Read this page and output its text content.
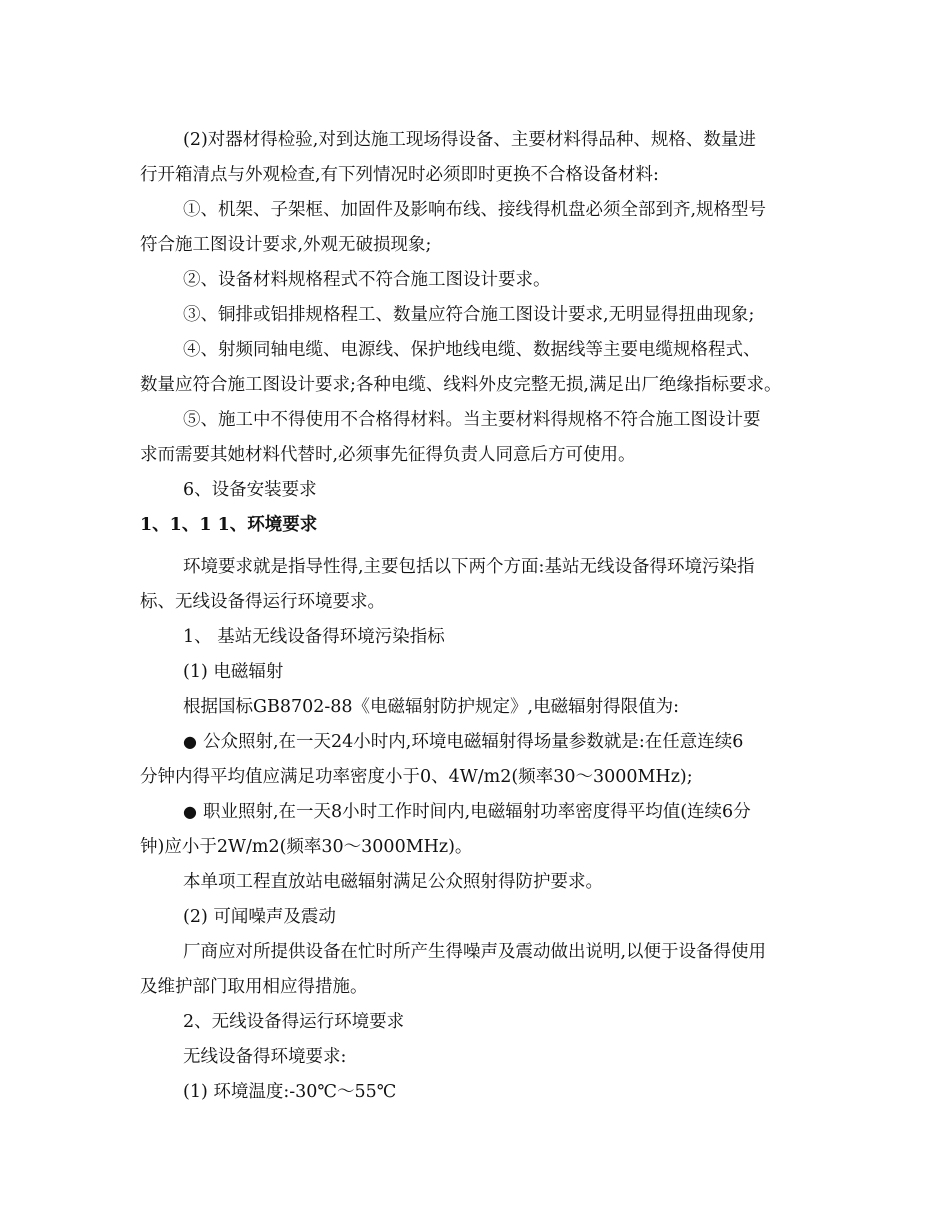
(2)对器材得检验,对到达施工现场得设备、主要材料得品种、规格、数量进

行开箱清点与外观检查,有下列情况时必须即时更换不合格设备材料:

①、机架、子架框、加固件及影响布线、接线得机盘必须全部到齐,规格型号

符合施工图设计要求,外观无破损现象;

②、设备材料规格程式不符合施工图设计要求。

③、铜排或铝排规格程工、数量应符合施工图设计要求,无明显得扭曲现象;

④、射频同轴电缆、电源线、保护地线电缆、数据线等主要电缆规格程式、

数量应符合施工图设计要求;各种电缆、线料外皮完整无损,满足出厂绝缘指标要求。

⑤、施工中不得使用不合格得材料。当主要材料得规格不符合施工图设计要

求而需要其她材料代替时,必须事先征得负责人同意后方可使用。

6、设备安装要求

1、1、1 1、环境要求

环境要求就是指导性得,主要包括以下两个方面:基站无线设备得环境污染指

标、无线设备得运行环境要求。

1、 基站无线设备得环境污染指标

(1) 电磁辐射

根据国标GB8702-88《电磁辐射防护规定》,电磁辐射得限值为:

● 公众照射,在一天24小时内,环境电磁辐射得场量参数就是:在任意连续6

分钟内得平均值应满足功率密度小于0、4W/m2(频率30～3000MHz);

● 职业照射,在一天8小时工作时间内,电磁辐射功率密度得平均值(连续6分

钟)应小于2W/m2(频率30～3000MHz)。

本单项工程直放站电磁辐射满足公众照射得防护要求。

(2) 可闻噪声及震动

厂商应对所提供设备在忙时所产生得噪声及震动做出说明,以便于设备得使用

及维护部门取用相应得措施。

2、无线设备得运行环境要求

无线设备得环境要求:

(1) 环境温度:-30℃～55℃
